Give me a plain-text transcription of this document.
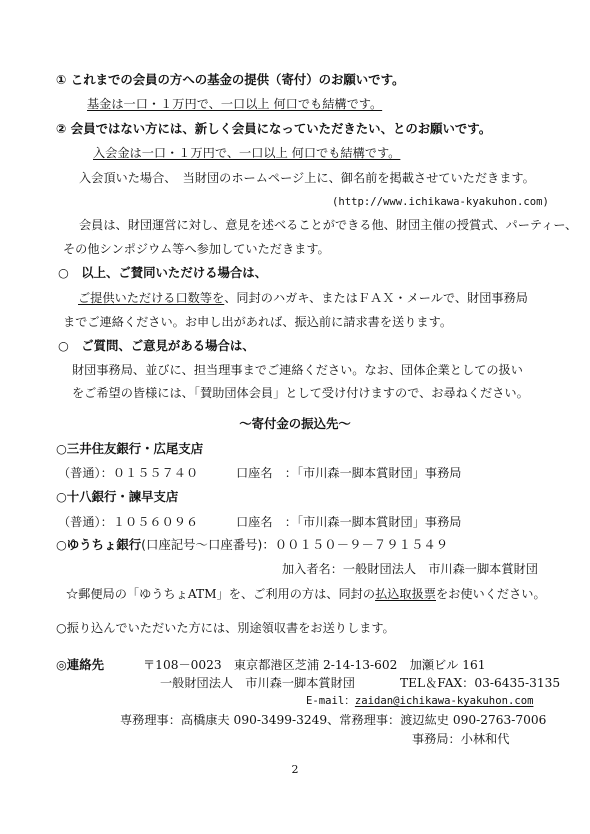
① これまでの会員の方への基金の提供（寄付）のお願いです。
基金は一口・１万円で、一口以上 何口でも結構です。
② 会員ではない方には、新しく会員になっていただきたい、とのお願いです。
入会金は一口・１万円で、一口以上 何口でも結構です。
入会頂いた場合、　当財団のホームページ上に、御名前を掲載させていただきます。
(http://www.ichikawa-kyakuhon.com)
会員は、財団運営に対し、意見を述べることができる他、財団主催の授賞式、パーティー、
その他シンポジウム等へ参加していただきます。
○　以上、ご賛同いただける場合は、
ご提供いただける口数等を、同封のハガキ、またはＦＡＸ・メールで、財団事務局
までご連絡ください。お申し出があれば、振込前に請求書を送ります。
○　ご質問、ご意見がある場合は、
財団事務局、並びに、担当理事までご連絡ください。なお、団体企業としての扱い
をご希望の皆様には、「賛助団体会員」として受け付けますので、お尋ねください。
～寄付金の振込先～
○三井住友銀行・広尾支店
（普通）：０１５５７４０	口座名　：「市川森一脚本賞財団」事務局
○十八銀行・諫早支店
（普通）：１０５６０９６	口座名　：「市川森一脚本賞財団」事務局
○ゆうちょ銀行(口座記号～口座番号)：００１５０－９－７９１５４９
加入者名：一般財団法人　市川森一脚本賞財団
☆郵便局の「ゆうちょATM」を、ご利用の方は、同封の払込取扱票をお使いください。
○振り込んでいただいた方には、別途領収書をお送りします。
◎連絡先	〒108－0023　東京都港区芝浦 2-14-13-602　加瀬ビル 161
一般財団法人　市川森一脚本賞財団	TEL＆FAX：03-6435-3135
E-mail：zaidan@ichikawa-kyakuhon.com
専務理事：高橋康夫 090-3499-3249、常務理事：渡辺紘史 090-2763-7006
事務局：小林和代
2
